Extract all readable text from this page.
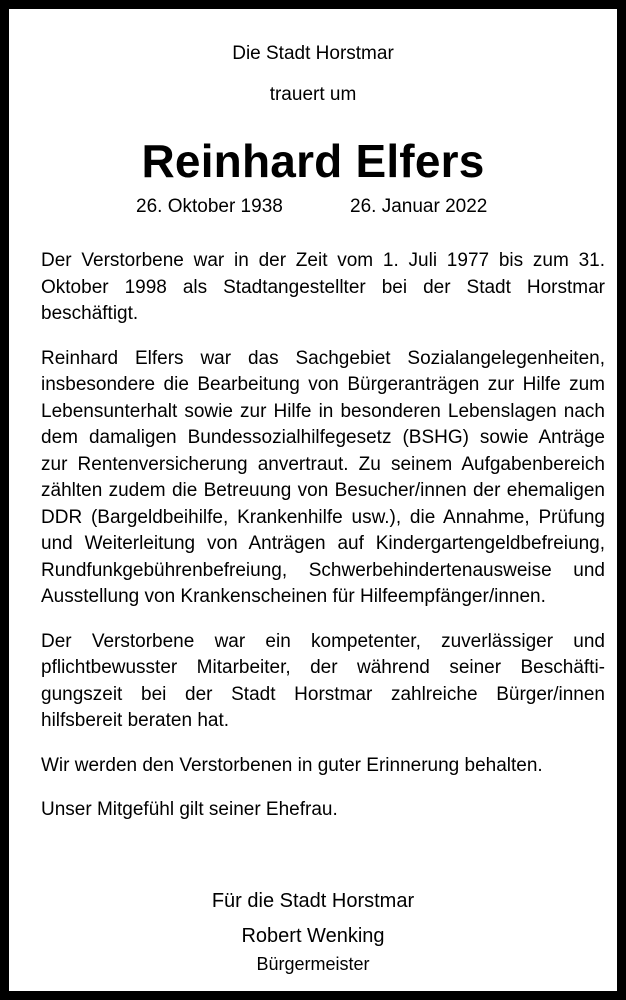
Die Stadt Horstmar
trauert um
Reinhard Elfers
26. Oktober 1938	26. Januar 2022

Der Verstorbene war in der Zeit vom 1. Juli 1977 bis zum 31. Oktober 1998 als Stadtangestellter bei der Stadt Horstmar beschäftigt.

Reinhard Elfers war das Sachgebiet Sozialangelegenheiten, insbesondere die Bearbeitung von Bürgeranträgen zur Hilfe zum Lebensunterhalt sowie zur Hilfe in besonderen Lebenslagen nach dem damaligen Bundessozialhilfegesetz (BSHG) sowie Anträge zur Rentenversicherung anvertraut. Zu seinem Aufgabenbereich zählten zudem die Betreuung von Besucher/innen der ehemaligen DDR (Bargeldbeihilfe, Krankenhilfe usw.), die Annahme, Prüfung und Weiterleitung von Anträgen auf Kindergartengeldbefreiung, Rundfunkgebührenbefreiung, Schwerbehindertenausweise und Ausstellung von Krankenscheinen für Hilfeempfänger/innen.

Der Verstorbene war ein kompetenter, zuverlässiger und pflichtbewusster Mitarbeiter, der während seiner Beschäftigungszeit bei der Stadt Horstmar zahlreiche Bürger/innen hilfsbereit beraten hat.

Wir werden den Verstorbenen in guter Erinnerung behalten.

Unser Mitgefühl gilt seiner Ehefrau.

Für die Stadt Horstmar
Robert Wenking
Bürgermeister
